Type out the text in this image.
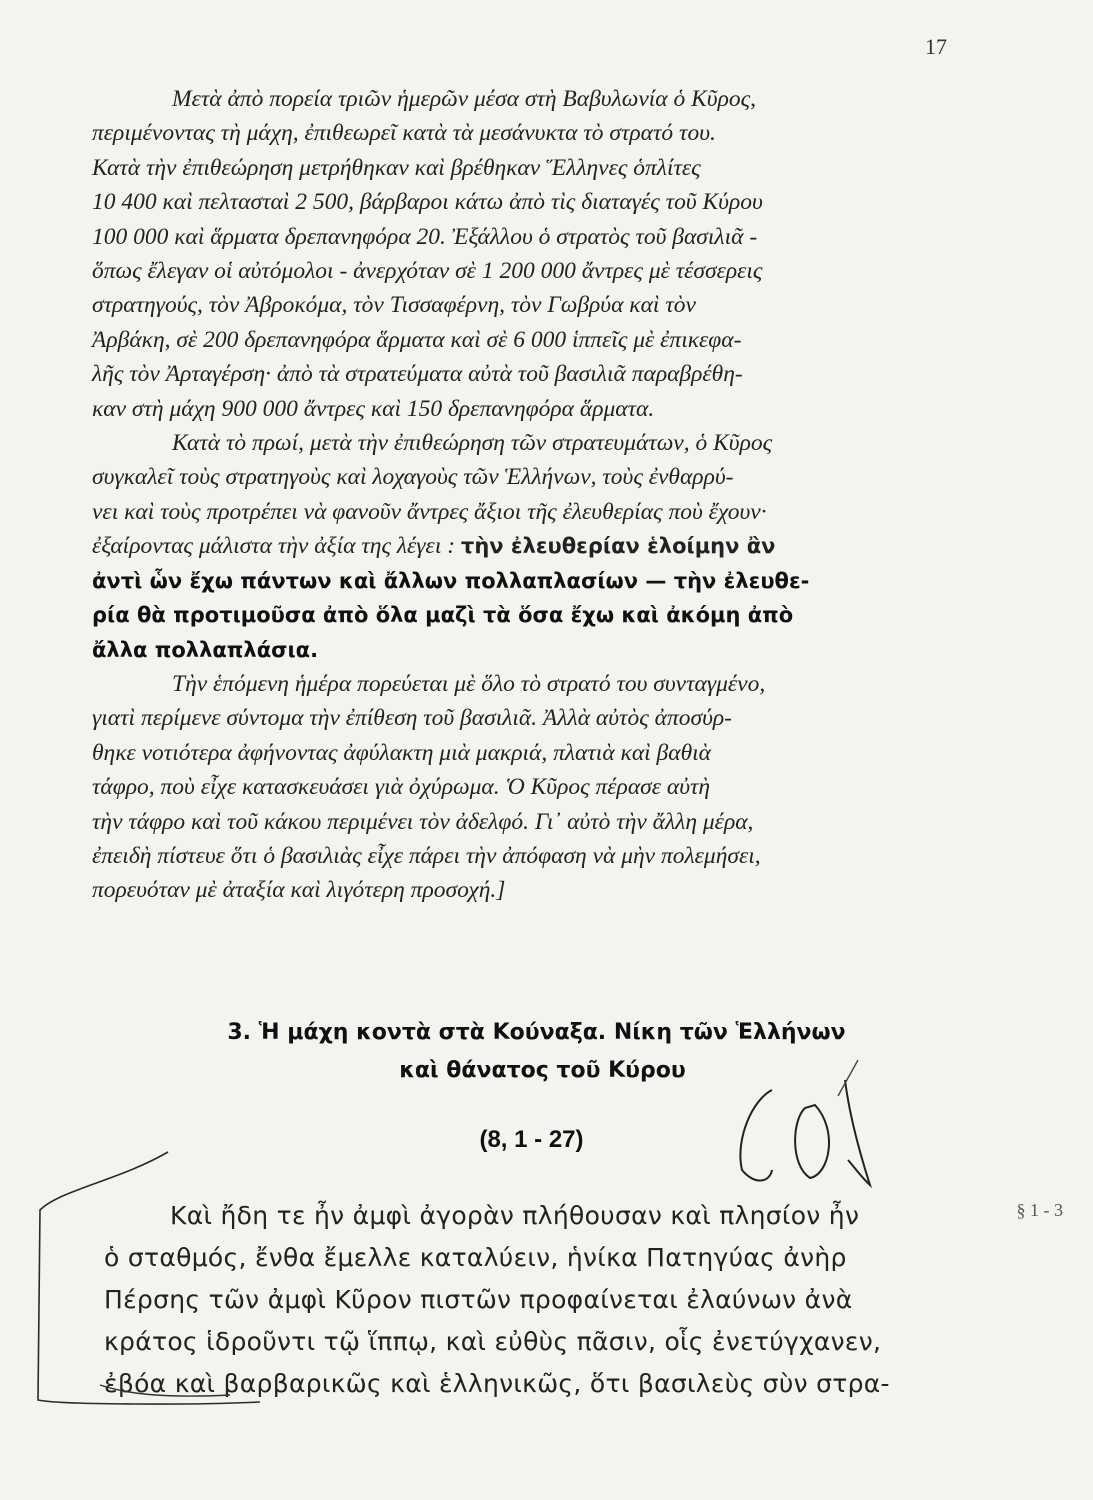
17
Μετὰ ἀπὸ πορεία τριῶν ἡμερῶν μέσα στὴ Βαβυλωνία ὁ Κῦρος,
περιμένοντας τὴ μάχη, ἐπιθεωρεῖ κατὰ τὰ μεσάνυκτα τὸ στρατό του.
Κατὰ τὴν ἐπιθεώρηση μετρήθηκαν καὶ βρέθηκαν Ἕλληνες ὁπλίτες
10 400 καὶ πελτασταὶ 2 500, βάρβαροι κάτω ἀπὸ τὶς διαταγές τοῦ Κύρου
100 000 καὶ ἅρματα δρεπανηφόρα 20. Ἐξάλλου ὁ στρατὸς τοῦ βασιλιᾶ -
ὅπως ἔλεγαν οἱ αὐτόμολοι - ἀνερχόταν σὲ 1 200 000 ἄντρες μὲ τέσσερεις
στρατηγούς, τὸν Ἀβροκόμα, τὸν Τισσαφέρνη, τὸν Γωβρύα καὶ τὸν
Ἀρβάκη, σὲ 200 δρεπανηφόρα ἅρματα καὶ σὲ 6 000 ἱππεῖς μὲ ἐπικεφα-
λῆς τὸν Ἀρταγέρση· ἀπὸ τὰ στρατεύματα αὐτὰ τοῦ βασιλιᾶ παραβρέθη-
καν στὴ μάχη 900 000 ἄντρες καὶ 150 δρεπανηφόρα ἅρματα.
Κατὰ τὸ πρωί, μετὰ τὴν ἐπιθεώρηση τῶν στρατευμάτων, ὁ Κῦρος
συγκαλεῖ τοὺς στρατηγοὺς καὶ λοχαγοὺς τῶν Ἑλλήνων, τοὺς ἐνθαρρύ-
νει καὶ τοὺς προτρέπει νὰ φανοῦν ἄντρες ἄξιοι τῆς ἐλευθερίας ποὺ ἔχουν·
ἐξαίροντας μάλιστα τὴν ἀξία της λέγει : τὴν ἐλευθερίαν ἑλοίμην ἂν
ἀντὶ ὧν ἔχω πάντων καὶ ἄλλων πολλαπλασίων — τὴν ἐλευθε-
ρία θὰ προτιμοῦσα ἀπὸ ὅλα μαζὶ τὰ ὅσα ἔχω καὶ ἀκόμη ἀπὸ
ἄλλα πολλαπλάσια.
Τὴν ἑπόμενη ἡμέρα πορεύεται μὲ ὅλο τὸ στρατό του συνταγμένο,
γιατὶ περίμενε σύντομα τὴν ἐπίθεση τοῦ βασιλιᾶ. Ἀλλὰ αὐτὸς ἀποσύρ-
θηκε νοτιότερα ἀφήνοντας ἀφύλακτη μιὰ μακριά, πλατιὰ καὶ βαθιὰ
τάφρο, ποὺ εἶχε κατασκευάσει γιὰ ὀχύρωμα. Ὁ Κῦρος πέρασε αὐτὴ
τὴν τάφρο καὶ τοῦ κάκου περιμένει τὸν ἀδελφό. Γι᾿ αὐτὸ τὴν ἄλλη μέρα,
ἐπειδὴ πίστευε ὅτι ὁ βασιλιὰς εἶχε πάρει τὴν ἀπόφαση νὰ μὴν πολεμήσει,
πορευόταν μὲ ἀταξία καὶ λιγότερη προσοχή.]
3. Ἡ μάχη κοντὰ στὰ Κούναξα. Νίκη τῶν Ἑλλήνων
καὶ θάνατος τοῦ Κύρου
(8, 1 - 27)
Καὶ ἤδη τε ἦν ἀμφὶ ἀγορὰν πλήθουσαν καὶ πλησίον ἦν
ὁ σταθμός, ἔνθα ἔμελλε καταλύειν, ἡνίκα Πατηγύας ἀνὴρ
Πέρσης τῶν ἀμφὶ Κῦρον πιστῶν προφαίνεται ἐλαύνων ἀνὰ
κράτος ἱδροῦντι τῷ ἵππῳ, καὶ εὐθὺς πᾶσιν, οἷς ἐνετύγχανεν,
ἐβόα καὶ βαρβαρικῶς καὶ ἑλληνικῶς, ὅτι βασιλεὺς σὺν στρα-
§ 1 - 3
